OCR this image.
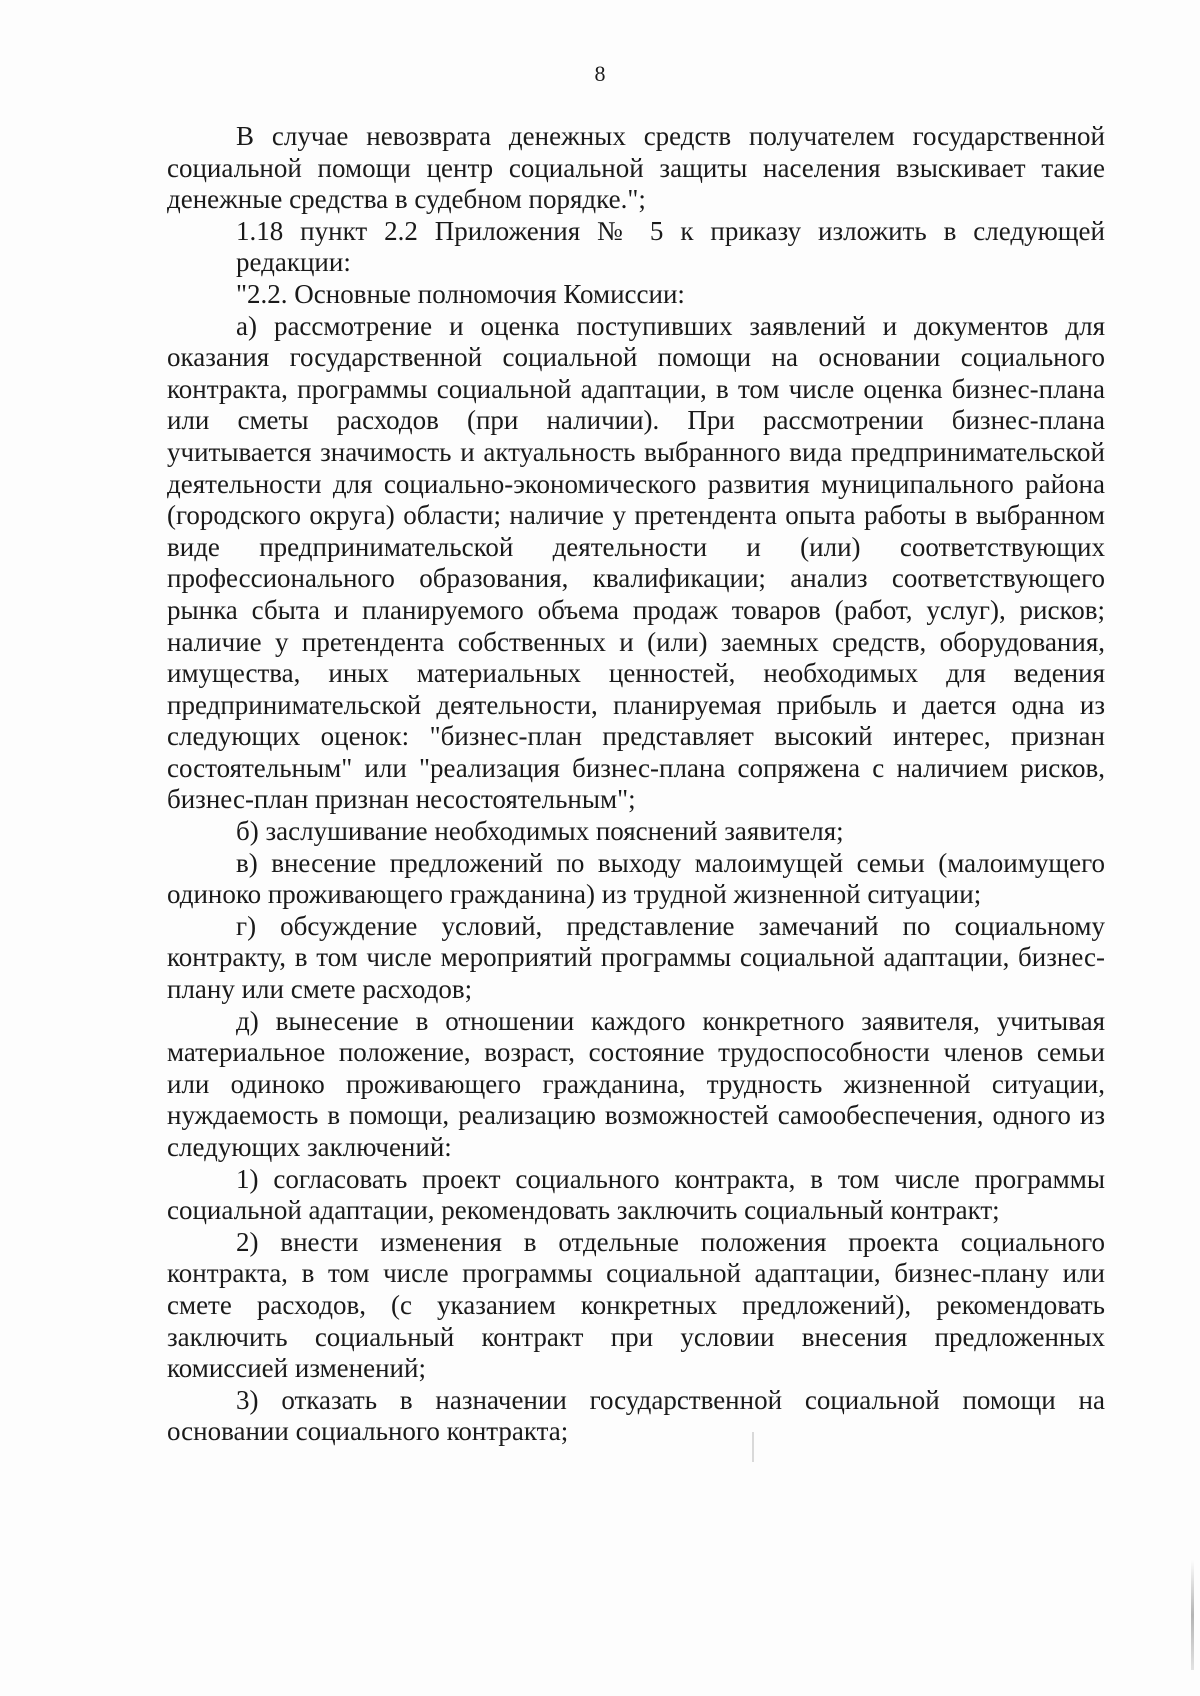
8

В случае невозврата денежных средств получателем государственной социальной помощи центр социальной защиты населения взыскивает такие денежные средства в судебном порядке.";

1.18 пункт 2.2 Приложения № 5 к приказу изложить в следующей редакции:

"2.2. Основные полномочия Комиссии:

а) рассмотрение и оценка поступивших заявлений и документов для оказания государственной социальной помощи на основании социального контракта, программы социальной адаптации, в том числе оценка бизнес-плана или сметы расходов (при наличии). При рассмотрении бизнес-плана учитывается значимость и актуальность выбранного вида предпринимательской деятельности для социально-экономического развития муниципального района (городского округа) области; наличие у претендента опыта работы в выбранном виде предпринимательской деятельности и (или) соответствующих профессионального образования, квалификации; анализ соответствующего рынка сбыта и планируемого объема продаж товаров (работ, услуг), рисков; наличие у претендента собственных и (или) заемных средств, оборудования, имущества, иных материальных ценностей, необходимых для ведения предпринимательской деятельности, планируемая прибыль и дается одна из следующих оценок: "бизнес-план представляет высокий интерес, признан состоятельным" или "реализация бизнес-плана сопряжена с наличием рисков, бизнес-план признан несостоятельным";

б) заслушивание необходимых пояснений заявителя;

в) внесение предложений по выходу малоимущей семьи (малоимущего одиноко проживающего гражданина) из трудной жизненной ситуации;

г) обсуждение условий, представление замечаний по социальному контракту, в том числе мероприятий программы социальной адаптации, бизнес-плану или смете расходов;

д) вынесение в отношении каждого конкретного заявителя, учитывая материальное положение, возраст, состояние трудоспособности членов семьи или одиноко проживающего гражданина, трудность жизненной ситуации, нуждаемость в помощи, реализацию возможностей самообеспечения, одного из следующих заключений:

1) согласовать проект социального контракта, в том числе программы социальной адаптации, рекомендовать заключить социальный контракт;

2) внести изменения в отдельные положения проекта социального контракта, в том числе программы социальной адаптации, бизнес-плану или смете расходов, (с указанием конкретных предложений), рекомендовать заключить социальный контракт при условии внесения предложенных комиссией изменений;

3) отказать в назначении государственной социальной помощи на основании социального контракта;
